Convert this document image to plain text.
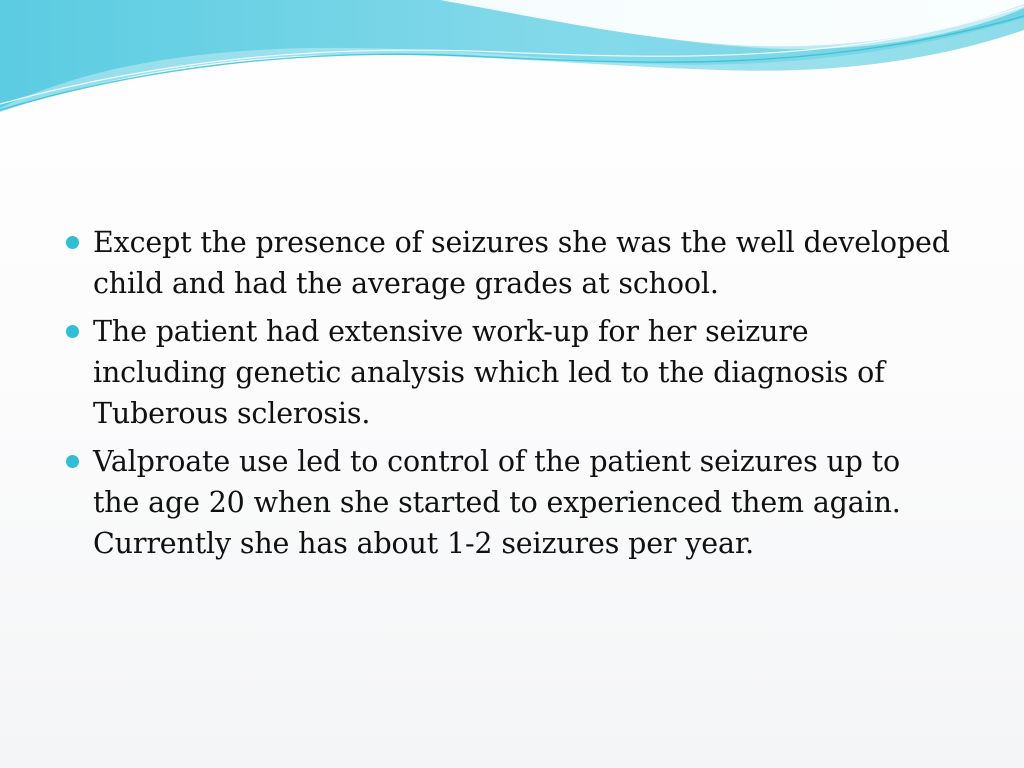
Except the presence of seizures she was the well developed
child and had the average grades at school.
The patient had extensive work-up for her seizure
including genetic analysis which led to the diagnosis of
Tuberous sclerosis.
Valproate use led to control of the patient seizures up to
the age 20 when she started to experienced them again.
Currently she has about 1-2 seizures per year.
